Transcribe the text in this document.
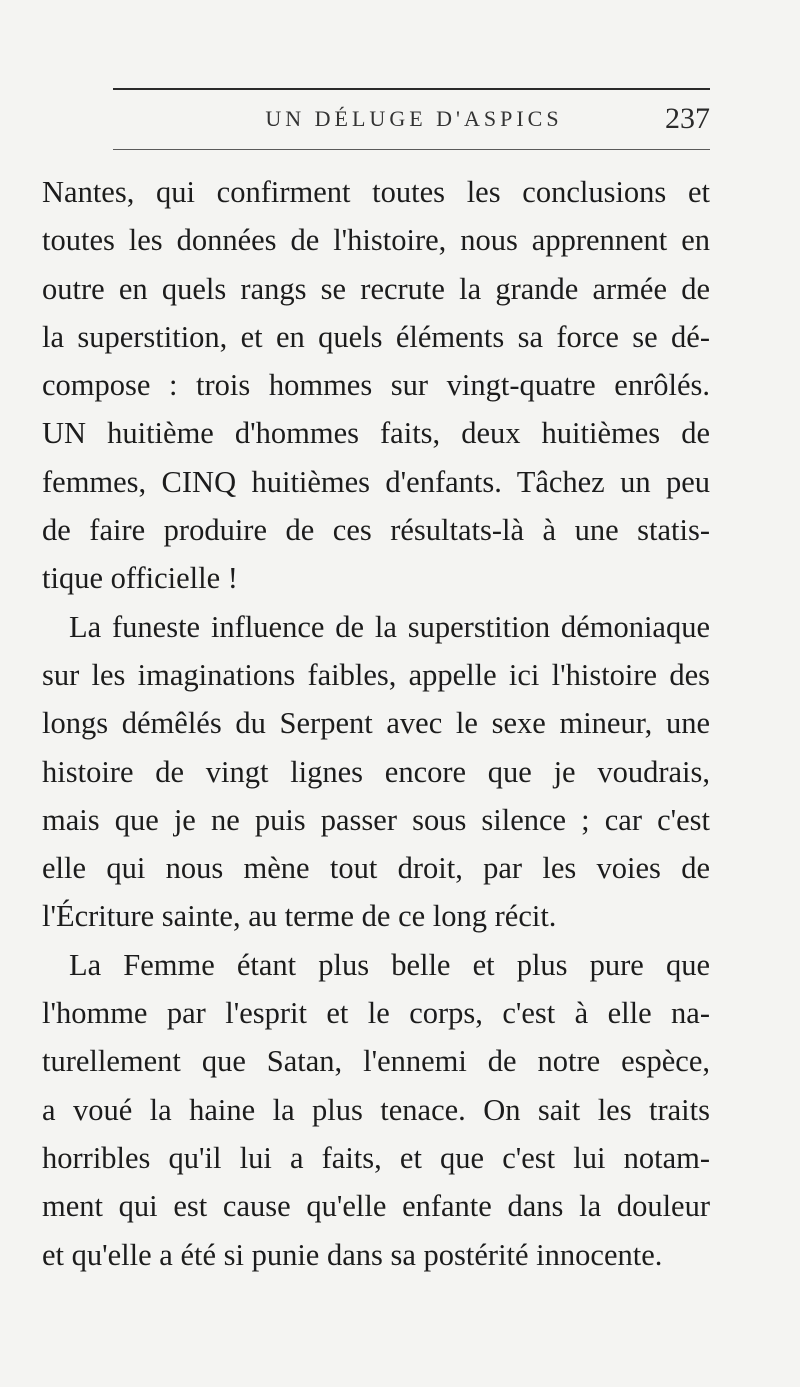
UN DÉLUGE D'ASPICS	237
Nantes, qui confirment toutes les conclusions et
toutes les données de l'histoire, nous apprennent en
outre en quels rangs se recrute la grande armée de
la superstition, et en quels éléments sa force se dé-
compose : trois hommes sur vingt-quatre enrôlés.
UN huitième d'hommes faits, deux huitièmes de
femmes, CINQ huitièmes d'enfants. Tâchez un peu
de faire produire de ces résultats-là à une statis-
tique officielle !
La funeste influence de la superstition démoniaque
sur les imaginations faibles, appelle ici l'histoire des
longs démêlés du Serpent avec le sexe mineur, une
histoire de vingt lignes encore que je voudrais,
mais que je ne puis passer sous silence ; car c'est
elle qui nous mène tout droit, par les voies de
l'Écriture sainte, au terme de ce long récit.
La Femme étant plus belle et plus pure que
l'homme par l'esprit et le corps, c'est à elle na-
turellement que Satan, l'ennemi de notre espèce,
a voué la haine la plus tenace. On sait les traits
horribles qu'il lui a faits, et que c'est lui notam-
ment qui est cause qu'elle enfante dans la douleur
et qu'elle a été si punie dans sa postérité innocente.
